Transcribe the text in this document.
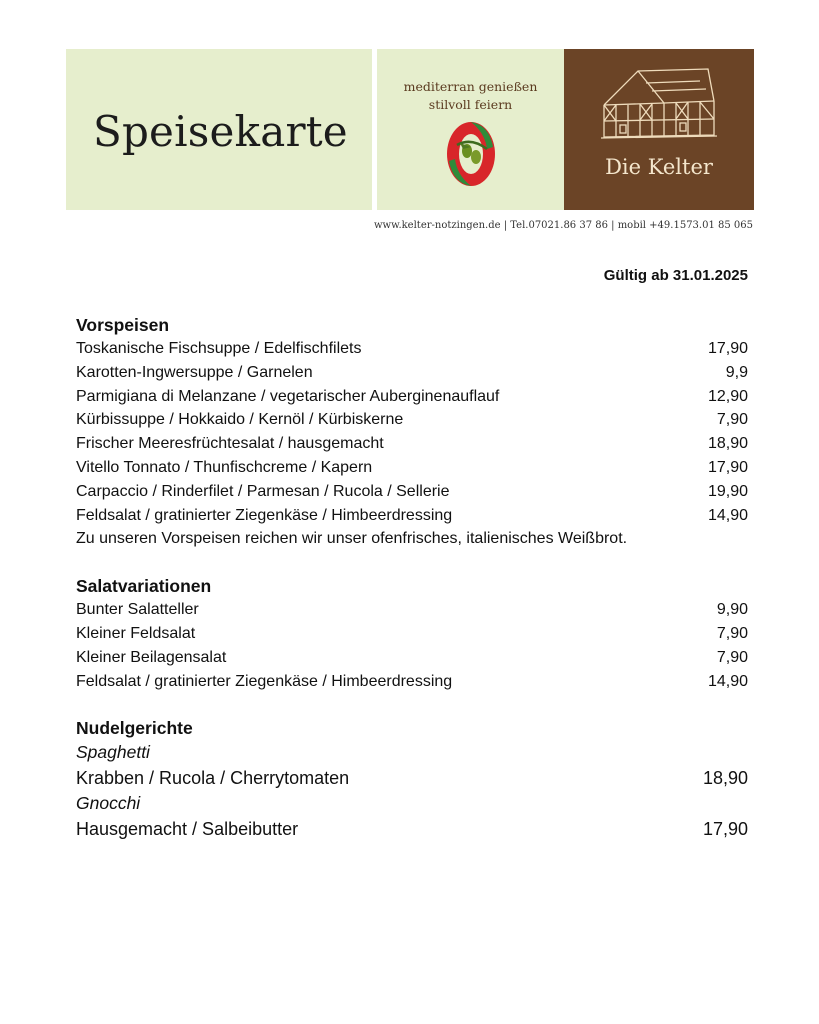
Speisekarte
mediterran genießen
stilvoll feiern
Die Kelter
www.kelter-notzingen.de | Tel.07021.86 37 86 | mobil +49.1573.01 85 065
Gültig ab 31.01.2025
Vorspeisen
Toskanische Fischsuppe / Edelfischfilets	17,90
Karotten-Ingwersuppe / Garnelen	9,9
Parmigiana di Melanzane / vegetarischer Auberginenauflauf	12,90
Kürbissuppe / Hokkaido / Kernöl / Kürbiskerne	7,90
Frischer Meeresfrüchtesalat / hausgemacht	18,90
Vitello Tonnato / Thunfischcreme / Kapern	17,90
Carpaccio / Rinderfilet / Parmesan / Rucola / Sellerie	19,90
Feldsalat / gratinierter Ziegenkäse / Himbeerdressing	14,90
Zu unseren Vorspeisen reichen wir unser ofenfrisches, italienisches Weißbrot.
Salatvariationen
Bunter Salatteller	9,90
Kleiner Feldsalat	7,90
Kleiner Beilagensalat	7,90
Feldsalat / gratinierter Ziegenkäse / Himbeerdressing	14,90
Nudelgerichte
Spaghetti
Krabben / Rucola / Cherrytomaten	18,90
Gnocchi
Hausgemacht / Salbeibutter	17,90
